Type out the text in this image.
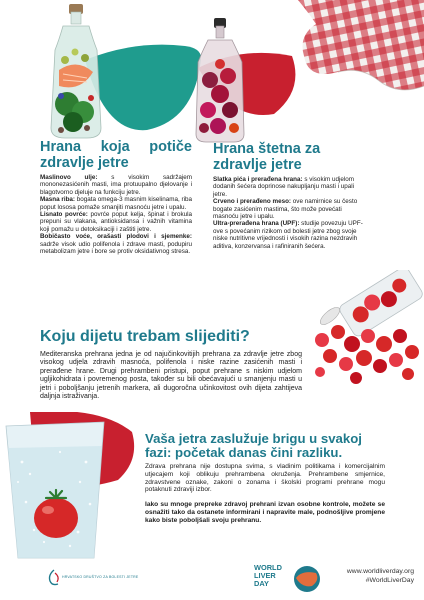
Hrana koja potiče zdravlje jetre

Maslinovo ulje: s visokim sadržajem mononezasićenih masti, ima protuupalno djelovanje i blagotvorno djeluje na funkciju jetre.

Masna riba: bogata omega-3 masnim kiselinama, riba poput lososa pomaže smanjiti masnoću jetre i upalu.

Lisnato povrće: povrće poput kelja, špinat i brokula prepuni su vlakana, antioksidansa i važnih vitamina koji pomažu u detoksikaciji i zaštiti jetre.

Bobičasto voće, orašasti plodovi i sjemenke: sadrže visok udio polifenola i zdrave masti, podupiru metabolizam jetre i bore se protiv oksidativnog stresa.

Hrana štetna za zdravlje jetre

Slatka pića i prerađena hrana: s visokim udjelom dodanih šećera doprinose nakupljanju masti i upali jetre.

Crveno i prerađeno meso: ove namirnice su često bogate zasićenim mastima, što može povećati masnoću jetre i upalu.

Ultra-prerađena hrana (UPF): studije povezuju UPF-ove s povećanim rizikom od bolesti jetre zbog svoje niske nutritivne vrijednosti i visokih razina nezdravih aditiva, konzervansa i rafiniranih šećera.

Koju dijetu trebam slijediti?

Mediteranska prehrana jedna je od najučinkovitijih prehrana za zdravlje jetre zbog visokog udjela zdravih masnoća, polifenola i niske razine zasićenih masti i prerađene hrane. Drugi prehrambeni pristupi, poput prehrane s niskim udjelom ugljikohidrata i povremenog posta, također su bili obećavajući u smanjenju masti u jetri i poboljšanju jetrenih markera, ali dugoročna učinkovitost ovih dijeta zahtijeva daljnja istraživanja.

Vaša jetra zaslužuje brigu u svakoj fazi: početak danas čini razliku.

Zdrava prehrana nije dostupna svima, s vladinim politikama i komercijalnim utjecajem koji oblikuju prehrambena okruženja. Prehrambene smjernice, zdravstvene oznake, zakoni o zonama i školski programi prehrane mogu potaknuti zdraviji izbor.

Iako su mnoge prepreke zdravoj prehrani izvan osobne kontrole, možete se osnažiti tako da ostanete informirani i napravite male, podnošljive promjene kako biste poboljšali svoju prehranu.

HRVATSKO DRUŠTVO ZA BOLESTI JETRE
WORLD LIVER DAY
www.worldliverday.org
#WorldLiverDay
